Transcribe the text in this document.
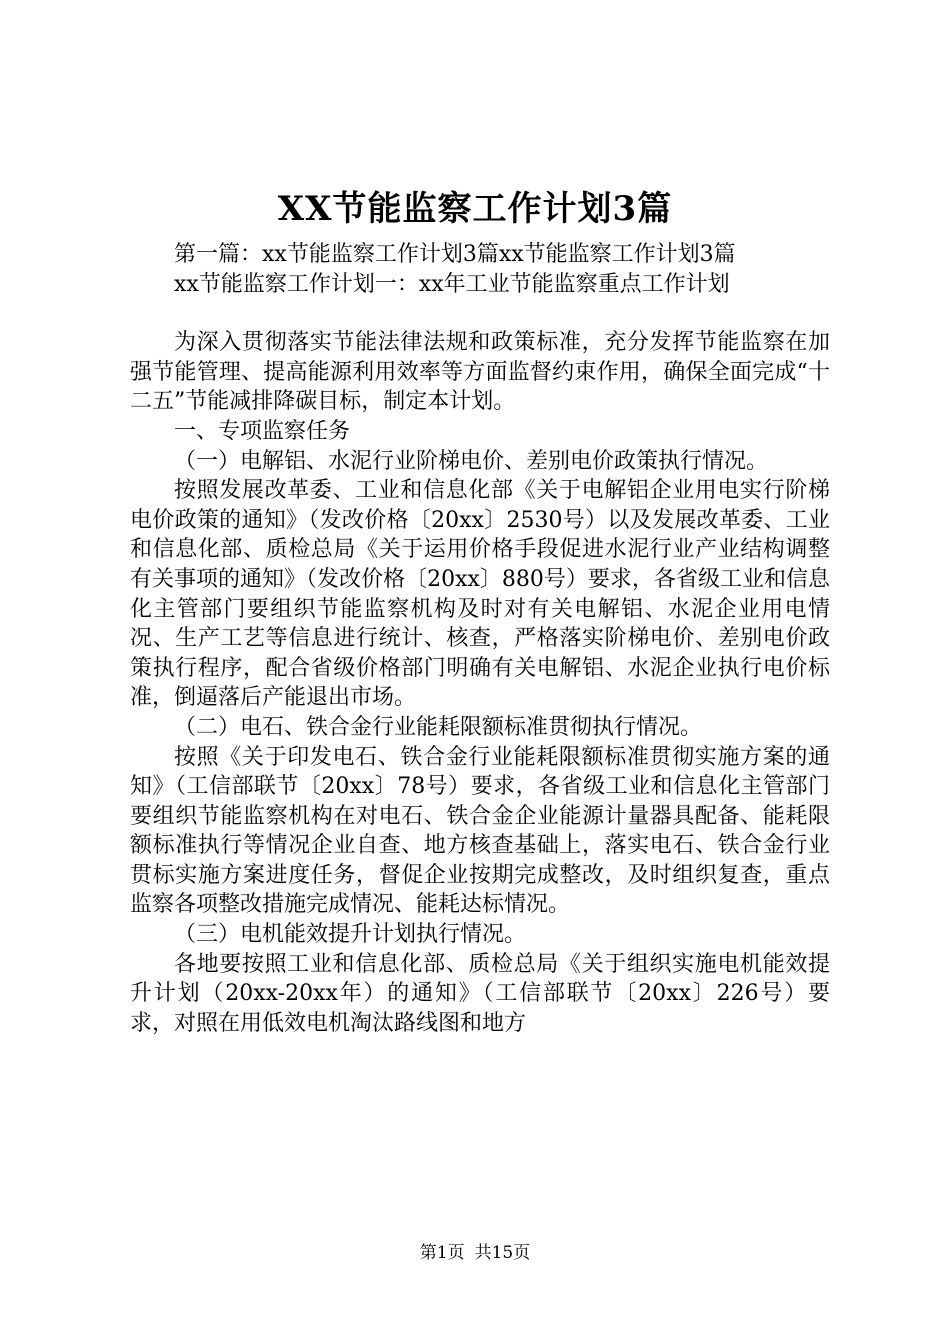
XX节能监察工作计划3篇

第一篇：xx节能监察工作计划3篇xx节能监察工作计划3篇

xx节能监察工作计划一：xx年工业节能监察重点工作计划

为深入贯彻落实节能法律法规和政策标准，充分发挥节能监察在加强节能管理、提高能源利用效率等方面监督约束作用，确保全面完成“十二五”节能减排降碳目标，制定本计划。

一、专项监察任务

（一）电解铝、水泥行业阶梯电价、差别电价政策执行情况。

按照发展改革委、工业和信息化部《关于电解铝企业用电实行阶梯电价政策的通知》（发改价格〔20xx〕2530号）以及发展改革委、工业和信息化部、质检总局《关于运用价格手段促进水泥行业产业结构调整有关事项的通知》（发改价格〔20xx〕880号）要求，各省级工业和信息化主管部门要组织节能监察机构及时对有关电解铝、水泥企业用电情况、生产工艺等信息进行统计、核查，严格落实阶梯电价、差别电价政策执行程序，配合省级价格部门明确有关电解铝、水泥企业执行电价标准，倒逼落后产能退出市场。

（二）电石、铁合金行业能耗限额标准贯彻执行情况。

按照《关于印发电石、铁合金行业能耗限额标准贯彻实施方案的通知》（工信部联节〔20xx〕78号）要求，各省级工业和信息化主管部门要组织节能监察机构在对电石、铁合金企业能源计量器具配备、能耗限额标准执行等情况企业自查、地方核查基础上，落实电石、铁合金行业贯标实施方案进度任务，督促企业按期完成整改，及时组织复查，重点监察各项整改措施完成情况、能耗达标情况。

（三）电机能效提升计划执行情况。

各地要按照工业和信息化部、质检总局《关于组织实施电机能效提升计划（20xx-20xx年）的通知》（工信部联节〔20xx〕226号）要求，对照在用低效电机淘汰路线图和地方

第1页 共15页
